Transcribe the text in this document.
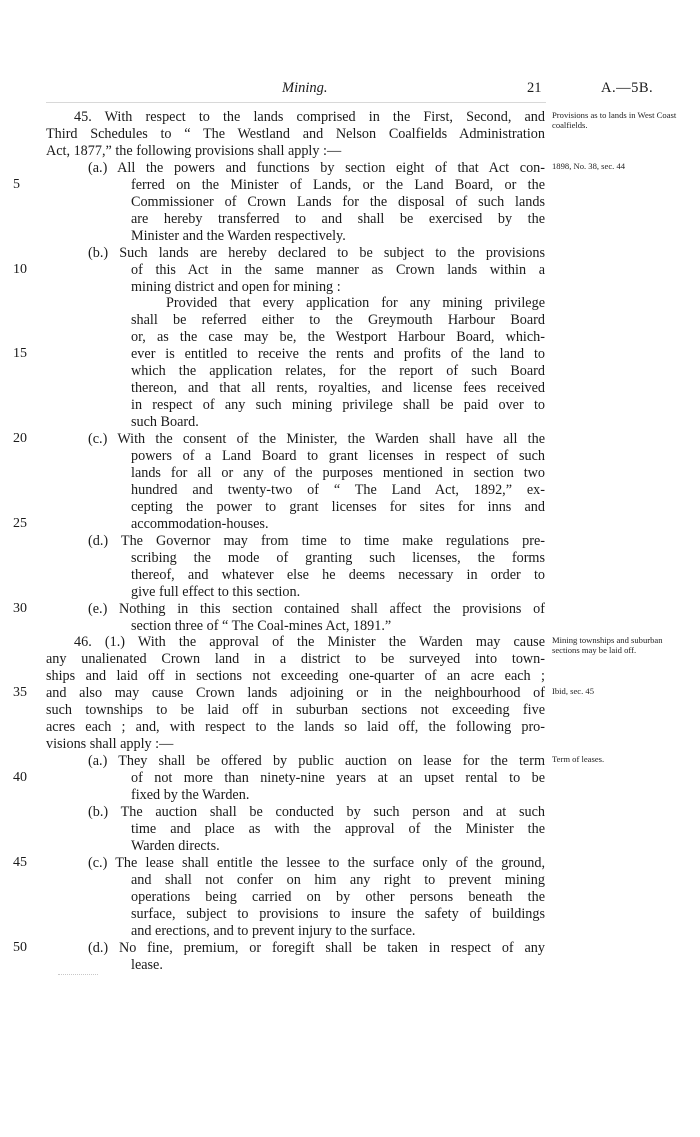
Mining.	21	A.—5B.
45. With respect to the lands comprised in the First, Second, and
Third Schedules to “ The Westland and Nelson Coalfields Administration
Act, 1877,” the following provisions shall apply :—
(a.) All the powers and functions by section eight of that Act con-
5	ferred on the Minister of Lands, or the Land Board, or the
Commissioner of Crown Lands for the disposal of such lands
are hereby transferred to and shall be exercised by the
Minister and the Warden respectively.
(b.) Such lands are hereby declared to be subject to the provisions
10	of this Act in the same manner as Crown lands within a
mining district and open for mining :
Provided that every application for any mining privilege
shall be referred either to the Greymouth Harbour Board
or, as the case may be, the Westport Harbour Board, which-
15	ever is entitled to receive the rents and profits of the land to
which the application relates, for the report of such Board
thereon, and that all rents, royalties, and license fees received
in respect of any such mining privilege shall be paid over to
such Board.
20	(c.) With the consent of the Minister, the Warden shall have all the
powers of a Land Board to grant licenses in respect of such
lands for all or any of the purposes mentioned in section two
hundred and twenty-two of “ The Land Act, 1892,” ex-
cepting the power to grant licenses for sites for inns and
25	accommodation-houses.
(d.) The Governor may from time to time make regulations pre-
scribing the mode of granting such licenses, the forms
thereof, and whatever else he deems necessary in order to
give full effect to this section.
30	(e.) Nothing in this section contained shall affect the provisions of
section three of “ The Coal-mines Act, 1891.”
46. (1.) With the approval of the Minister the Warden may cause
any unalienated Crown land in a district to be surveyed into town-
ships and laid off in sections not exceeding one-quarter of an acre each ;
35	and also may cause Crown lands adjoining or in the neighbourhood of
such townships to be laid off in suburban sections not exceeding five
acres each ; and, with respect to the lands so laid off, the following pro-
visions shall apply :—
(a.) They shall be offered by public auction on lease for the term
40	of not more than ninety-nine years at an upset rental to be
fixed by the Warden.
(b.) The auction shall be conducted by such person and at such
time and place as with the approval of the Minister the
Warden directs.
45	(c.) The lease shall entitle the lessee to the surface only of the ground,
and shall not confer on him any right to prevent mining
operations being carried on by other persons beneath the
surface, subject to provisions to insure the safety of buildings
and erections, and to prevent injury to the surface.
50	(d.) No fine, premium, or foregift shall be taken in respect of any
lease.
Provisions as to lands in West Coast coalfields.
1898, No. 38, sec. 44
Mining townships and suburban sections may be laid off.
Ibid, sec. 45
Term of leases.
